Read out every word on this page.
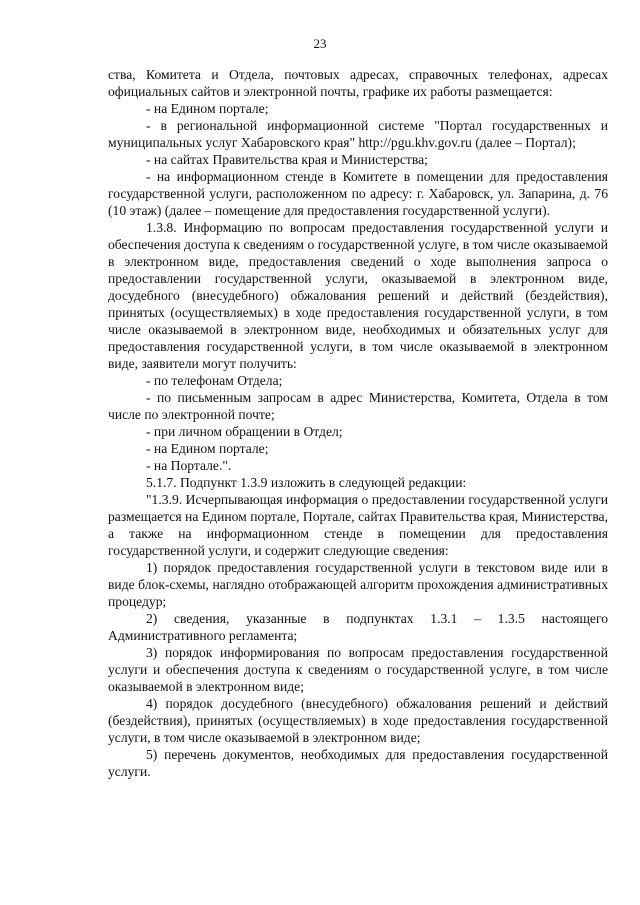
23

ства, Комитета и Отдела, почтовых адресах, справочных телефонах, адресах официальных сайтов и электронной почты, графике их работы размещается:

- на Едином портале;

- в региональной информационной системе "Портал государственных и муниципальных услуг Хабаровского края" http://pgu.khv.gov.ru (далее – Портал);

- на сайтах Правительства края и Министерства;

- на информационном стенде в Комитете в помещении для предоставления государственной услуги, расположенном по адресу: г. Хабаровск, ул. Запарина, д. 76 (10 этаж) (далее – помещение для предоставления государственной услуги).

1.3.8. Информацию по вопросам предоставления государственной услуги и обеспечения доступа к сведениям о государственной услуге, в том числе оказываемой в электронном виде, предоставления сведений о ходе выполнения запроса о предоставлении государственной услуги, оказываемой в электронном виде, досудебного (внесудебного) обжалования решений и действий (бездействия), принятых (осуществляемых) в ходе предоставления государственной услуги, в том числе оказываемой в электронном виде, необходимых и обязательных услуг для предоставления государственной услуги, в том числе оказываемой в электронном виде, заявители могут получить:

- по телефонам Отдела;

- по письменным запросам в адрес Министерства, Комитета, Отдела в том числе по электронной почте;

- при личном обращении в Отдел;

- на Едином портале;

- на Портале.".

5.1.7. Подпункт 1.3.9 изложить в следующей редакции:

"1.3.9. Исчерпывающая информация о предоставлении государственной услуги размещается на Едином портале, Портале, сайтах Правительства края, Министерства, а также на информационном стенде в помещении для предоставления государственной услуги, и содержит следующие сведения:

1) порядок предоставления государственной услуги в текстовом виде или в виде блок-схемы, наглядно отображающей алгоритм прохождения административных процедур;

2) сведения, указанные в подпунктах 1.3.1 – 1.3.5 настоящего Административного регламента;

3) порядок информирования по вопросам предоставления государственной услуги и обеспечения доступа к сведениям о государственной услуге, в том числе оказываемой в электронном виде;

4) порядок досудебного (внесудебного) обжалования решений и действий (бездействия), принятых (осуществляемых) в ходе предоставления государственной услуги, в том числе оказываемой в электронном виде;

5) перечень документов, необходимых для предоставления государственной услуги.
